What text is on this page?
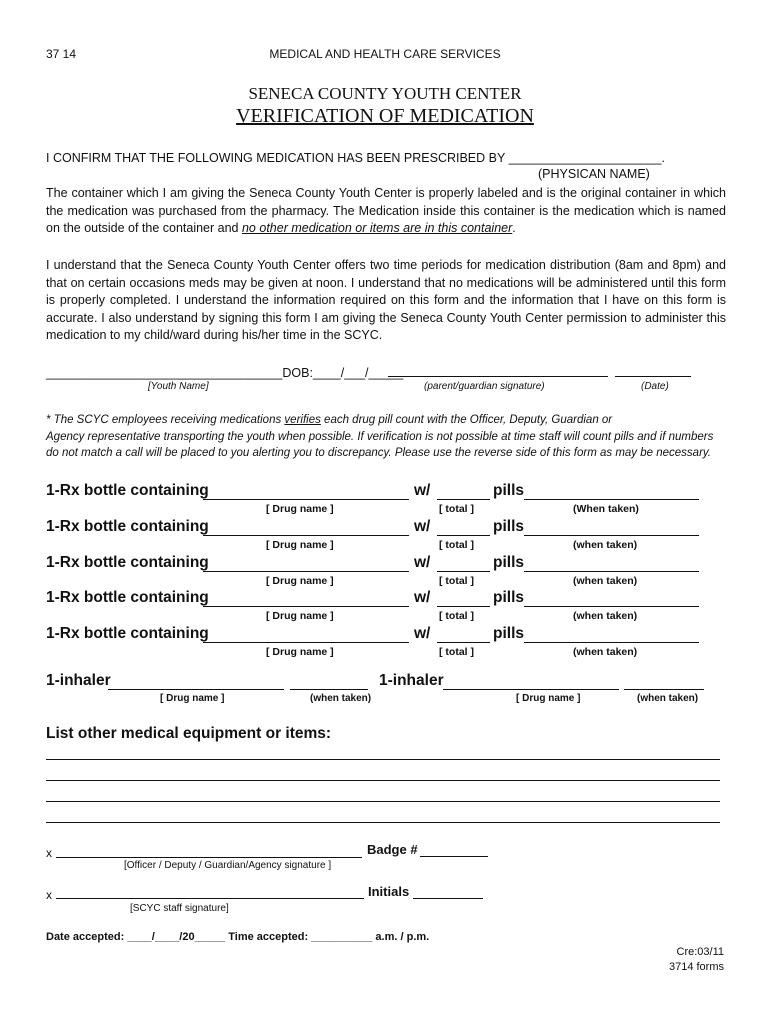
37 14	MEDICAL AND HEALTH CARE SERVICES
SENECA COUNTY YOUTH CENTER
VERIFICATION OF MEDICATION
I CONFIRM THAT THE FOLLOWING MEDICATION HAS BEEN PRESCRIBED BY ______________________.
(PHYSICAN NAME)
The container which I am giving the Seneca County Youth Center is properly labeled and is the original container in which the medication was purchased from the pharmacy. The Medication inside this container is the medication which is named on the outside of the container and no other medication or items are in this container.
I understand that the Seneca County Youth Center offers two time periods for medication distribution (8am and 8pm) and that on certain occasions meds may be given at noon. I understand that no medications will be administered until this form is properly completed. I understand the information required on this form and the information that I have on this form is accurate. I also understand by signing this form I am giving the Seneca County Youth Center permission to administer this medication to my child/ward during his/her time in the SCYC.
__________________________________DOB:____/___/_____
[Youth Name]	(parent/guardian signature)	(Date)
* The SCYC employees receiving medications verifies each drug pill count with the Officer, Deputy, Guardian or
Agency representative transporting the youth when possible. If verification is not possible at time staff will count pills and if numbers
do not match a call will be placed to you alerting you to discrepancy. Please use the reverse side of this form as may be necessary.
1-Rx bottle containing	w/	pills
[ Drug name ]	[ total ]	(When taken)
1-Rx bottle containing	w/	pills
[ Drug name ]	[ total ]	(when taken)
1-Rx bottle containing	w/	pills
[ Drug name ]	[ total ]	(when taken)
1-Rx bottle containing	w/	pills
[ Drug name ]	[ total ]	(when taken)
1-Rx bottle containing	w/	pills
[ Drug name ]	[ total ]	(when taken)
1-inhaler
[ Drug name ]	(when taken)
1-inhaler
[ Drug name ]	(when taken)
List other medical equipment or items:
x	Badge #
[Officer / Deputy / Guardian/Agency signature ]
x	Initials
[SCYC staff signature]
Date accepted: ____/____/20_____ Time accepted: __________ a.m. / p.m.
Cre:03/11
3714 forms
